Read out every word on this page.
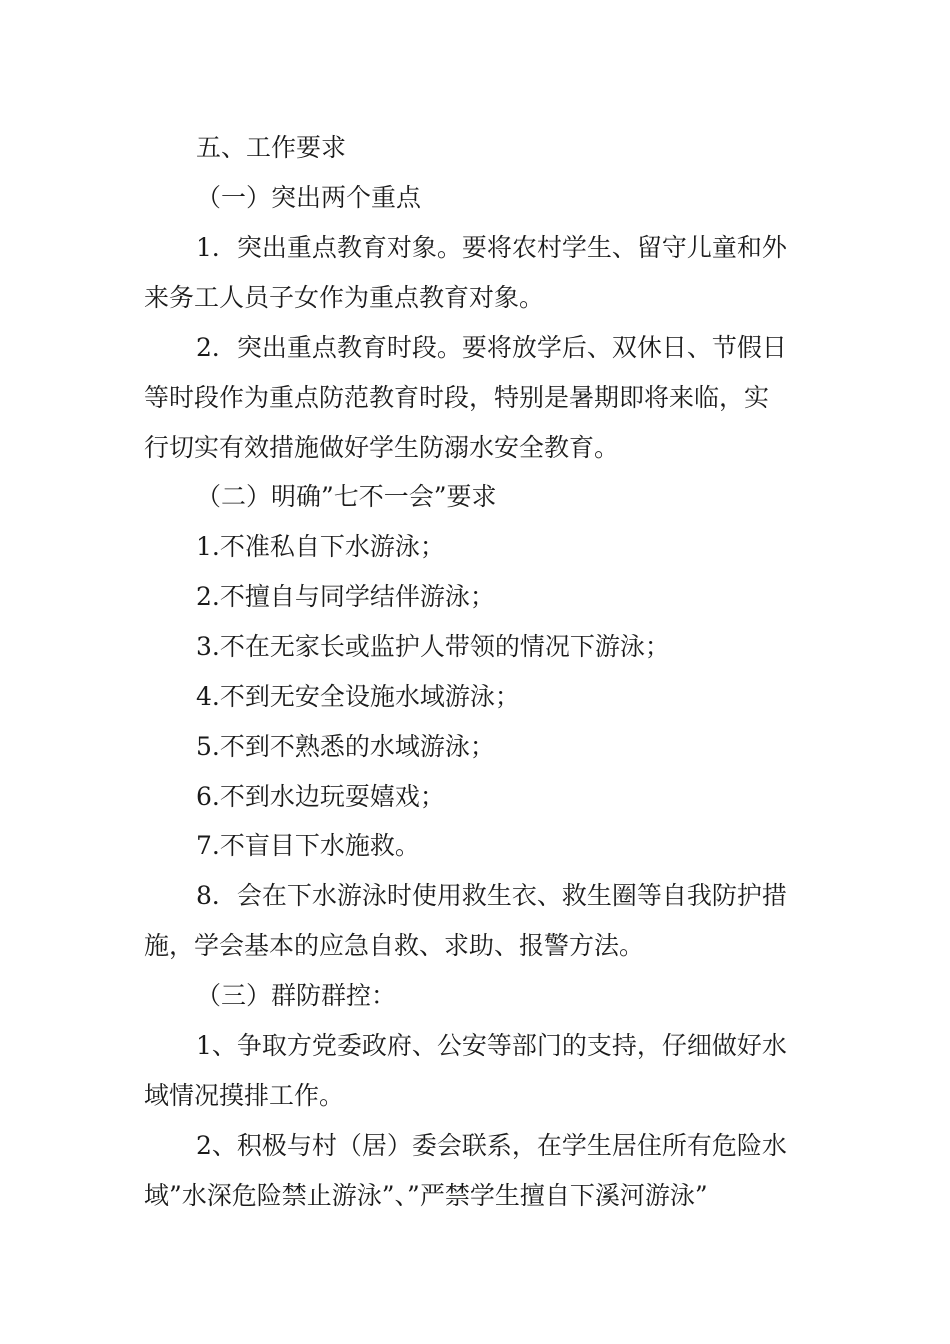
五、工作要求
（一）突出两个重点
1．突出重点教育对象。要将农村学生、留守儿童和外
来务工人员子女作为重点教育对象。
2．突出重点教育时段。要将放学后、双休日、节假日
等时段作为重点防范教育时段，特别是暑期即将来临，实
行切实有效措施做好学生防溺水安全教育。
（二）明确”七不一会”要求
1.不准私自下水游泳；
2.不擅自与同学结伴游泳；
3.不在无家长或监护人带领的情况下游泳；
4.不到无安全设施水域游泳；
5.不到不熟悉的水域游泳；
6.不到水边玩耍嬉戏；
7.不盲目下水施救。
8．会在下水游泳时使用救生衣、救生圈等自我防护措
施，学会基本的应急自救、求助、报警方法。
（三）群防群控：
1、争取方党委政府、公安等部门的支持，仔细做好水
域情况摸排工作。
2、积极与村（居）委会联系，在学生居住所有危险水
域”水深危险禁止游泳”、”严禁学生擅自下溪河游泳”
